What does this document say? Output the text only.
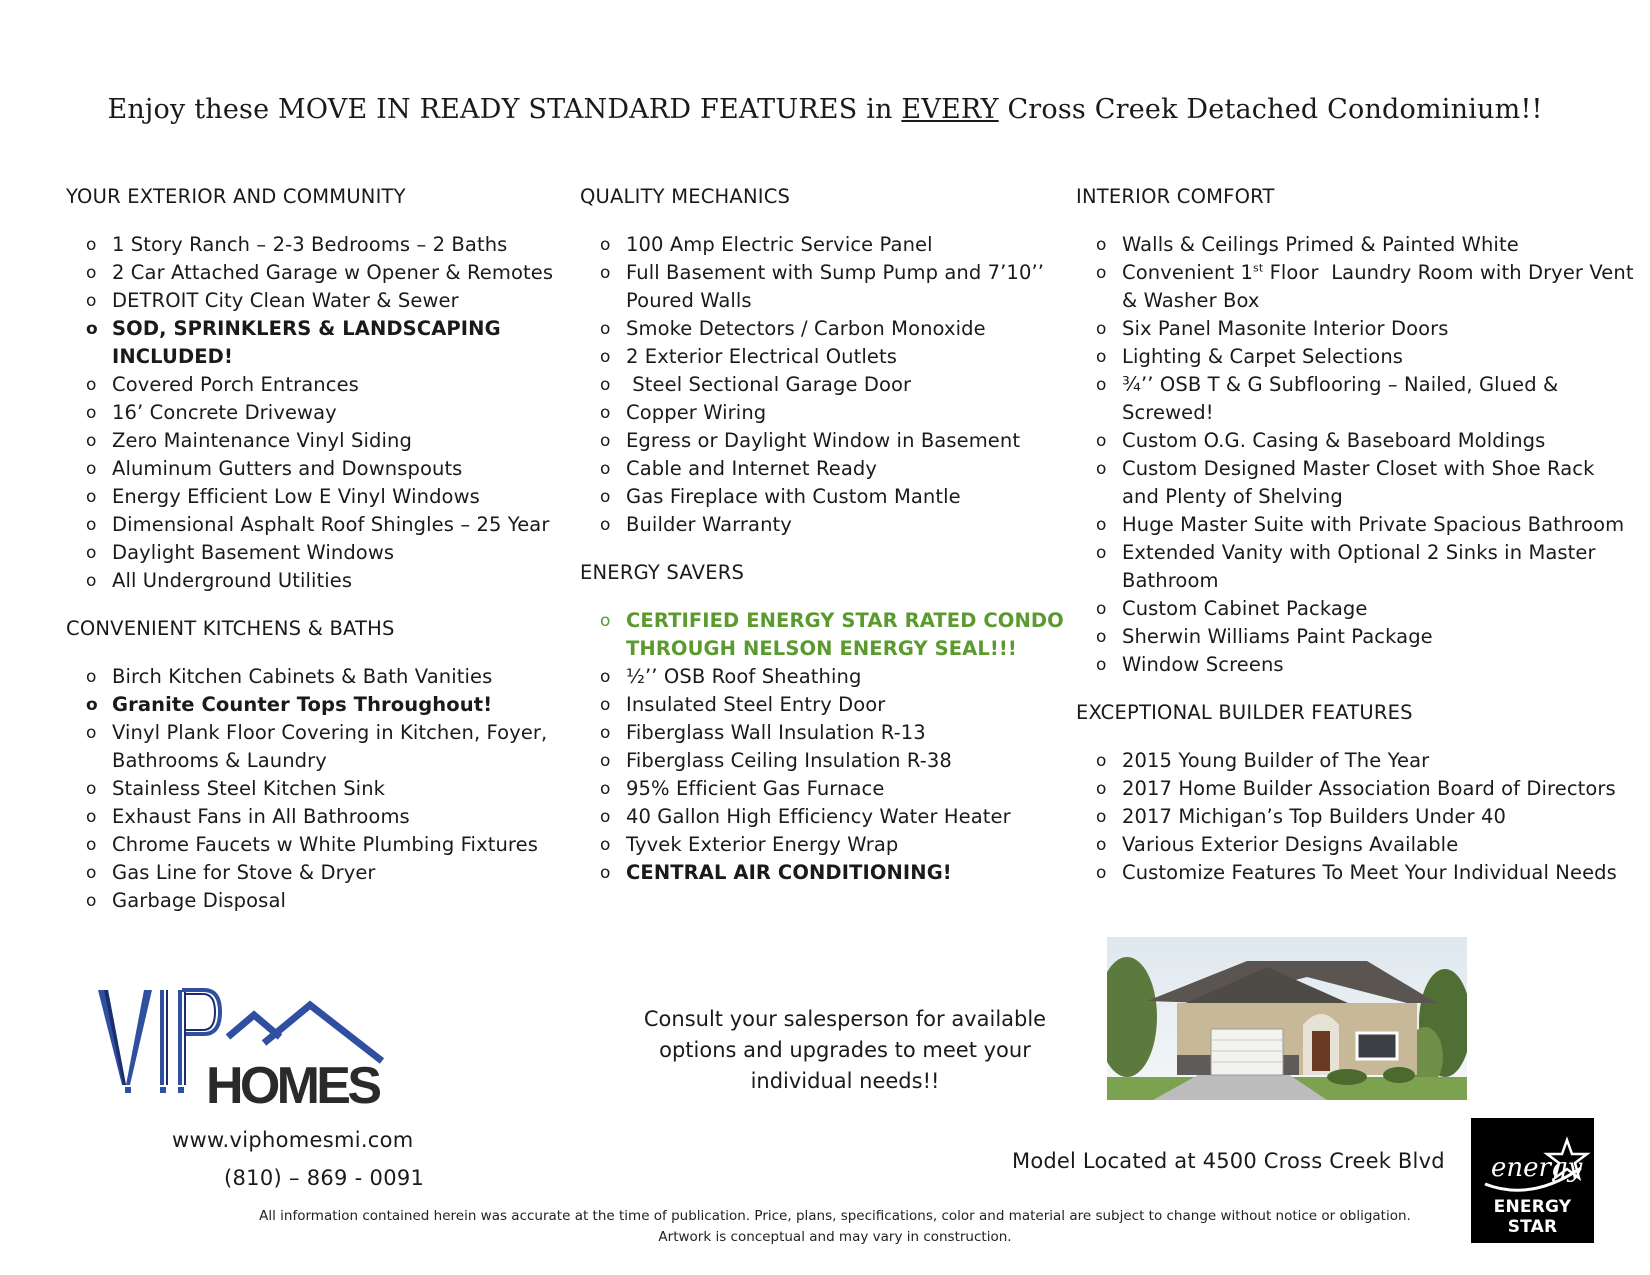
Enjoy these MOVE IN READY STANDARD FEATURES in EVERY Cross Creek Detached Condominium!!
YOUR EXTERIOR AND COMMUNITY
o 1 Story Ranch – 2-3 Bedrooms – 2 Baths
o 2 Car Attached Garage w Opener & Remotes
o DETROIT City Clean Water & Sewer
o SOD, SPRINKLERS & LANDSCAPING
INCLUDED!
o Covered Porch Entrances
o 16’ Concrete Driveway
o Zero Maintenance Vinyl Siding
o Aluminum Gutters and Downspouts
o Energy Efficient Low E Vinyl Windows
o Dimensional Asphalt Roof Shingles – 25 Year
o Daylight Basement Windows
o All Underground Utilities
CONVENIENT KITCHENS & BATHS
o Birch Kitchen Cabinets & Bath Vanities
o Granite Counter Tops Throughout!
o Vinyl Plank Floor Covering in Kitchen, Foyer,
Bathrooms & Laundry
o Stainless Steel Kitchen Sink
o Exhaust Fans in All Bathrooms
o Chrome Faucets w White Plumbing Fixtures
o Gas Line for Stove & Dryer
o Garbage Disposal
QUALITY MECHANICS
o 100 Amp Electric Service Panel
o Full Basement with Sump Pump and 7’10’’
Poured Walls
o Smoke Detectors / Carbon Monoxide
o 2 Exterior Electrical Outlets
o Steel Sectional Garage Door
o Copper Wiring
o Egress or Daylight Window in Basement
o Cable and Internet Ready
o Gas Fireplace with Custom Mantle
o Builder Warranty
ENERGY SAVERS
o CERTIFIED ENERGY STAR RATED CONDO
THROUGH NELSON ENERGY SEAL!!!
o ½’’ OSB Roof Sheathing
o Insulated Steel Entry Door
o Fiberglass Wall Insulation R-13
o Fiberglass Ceiling Insulation R-38
o 95% Efficient Gas Furnace
o 40 Gallon High Efficiency Water Heater
o Tyvek Exterior Energy Wrap
o CENTRAL AIR CONDITIONING!
INTERIOR COMFORT
o Walls & Ceilings Primed & Painted White
o Convenient 1st Floor  Laundry Room with Dryer Vent
& Washer Box
o Six Panel Masonite Interior Doors
o Lighting & Carpet Selections
o ¾’’ OSB T & G Subflooring – Nailed, Glued &
Screwed!
o Custom O.G. Casing & Baseboard Moldings
o Custom Designed Master Closet with Shoe Rack
and Plenty of Shelving
o Huge Master Suite with Private Spacious Bathroom
o Extended Vanity with Optional 2 Sinks in Master
Bathroom
o Custom Cabinet Package
o Sherwin Williams Paint Package
o Window Screens
EXCEPTIONAL BUILDER FEATURES
o 2015 Young Builder of The Year
o 2017 Home Builder Association Board of Directors
o 2017 Michigan’s Top Builders Under 40
o Various Exterior Designs Available
o Customize Features To Meet Your Individual Needs
HOMES
www.viphomesmi.com
(810) – 869 - 0091
Consult your salesperson for available
options and upgrades to meet your
individual needs!!
Model Located at 4500 Cross Creek Blvd energy
ENERGY STAR
All information contained herein was accurate at the time of publication. Price, plans, specifications, color and material are subject to change without notice or obligation.
Artwork is conceptual and may vary in construction.
